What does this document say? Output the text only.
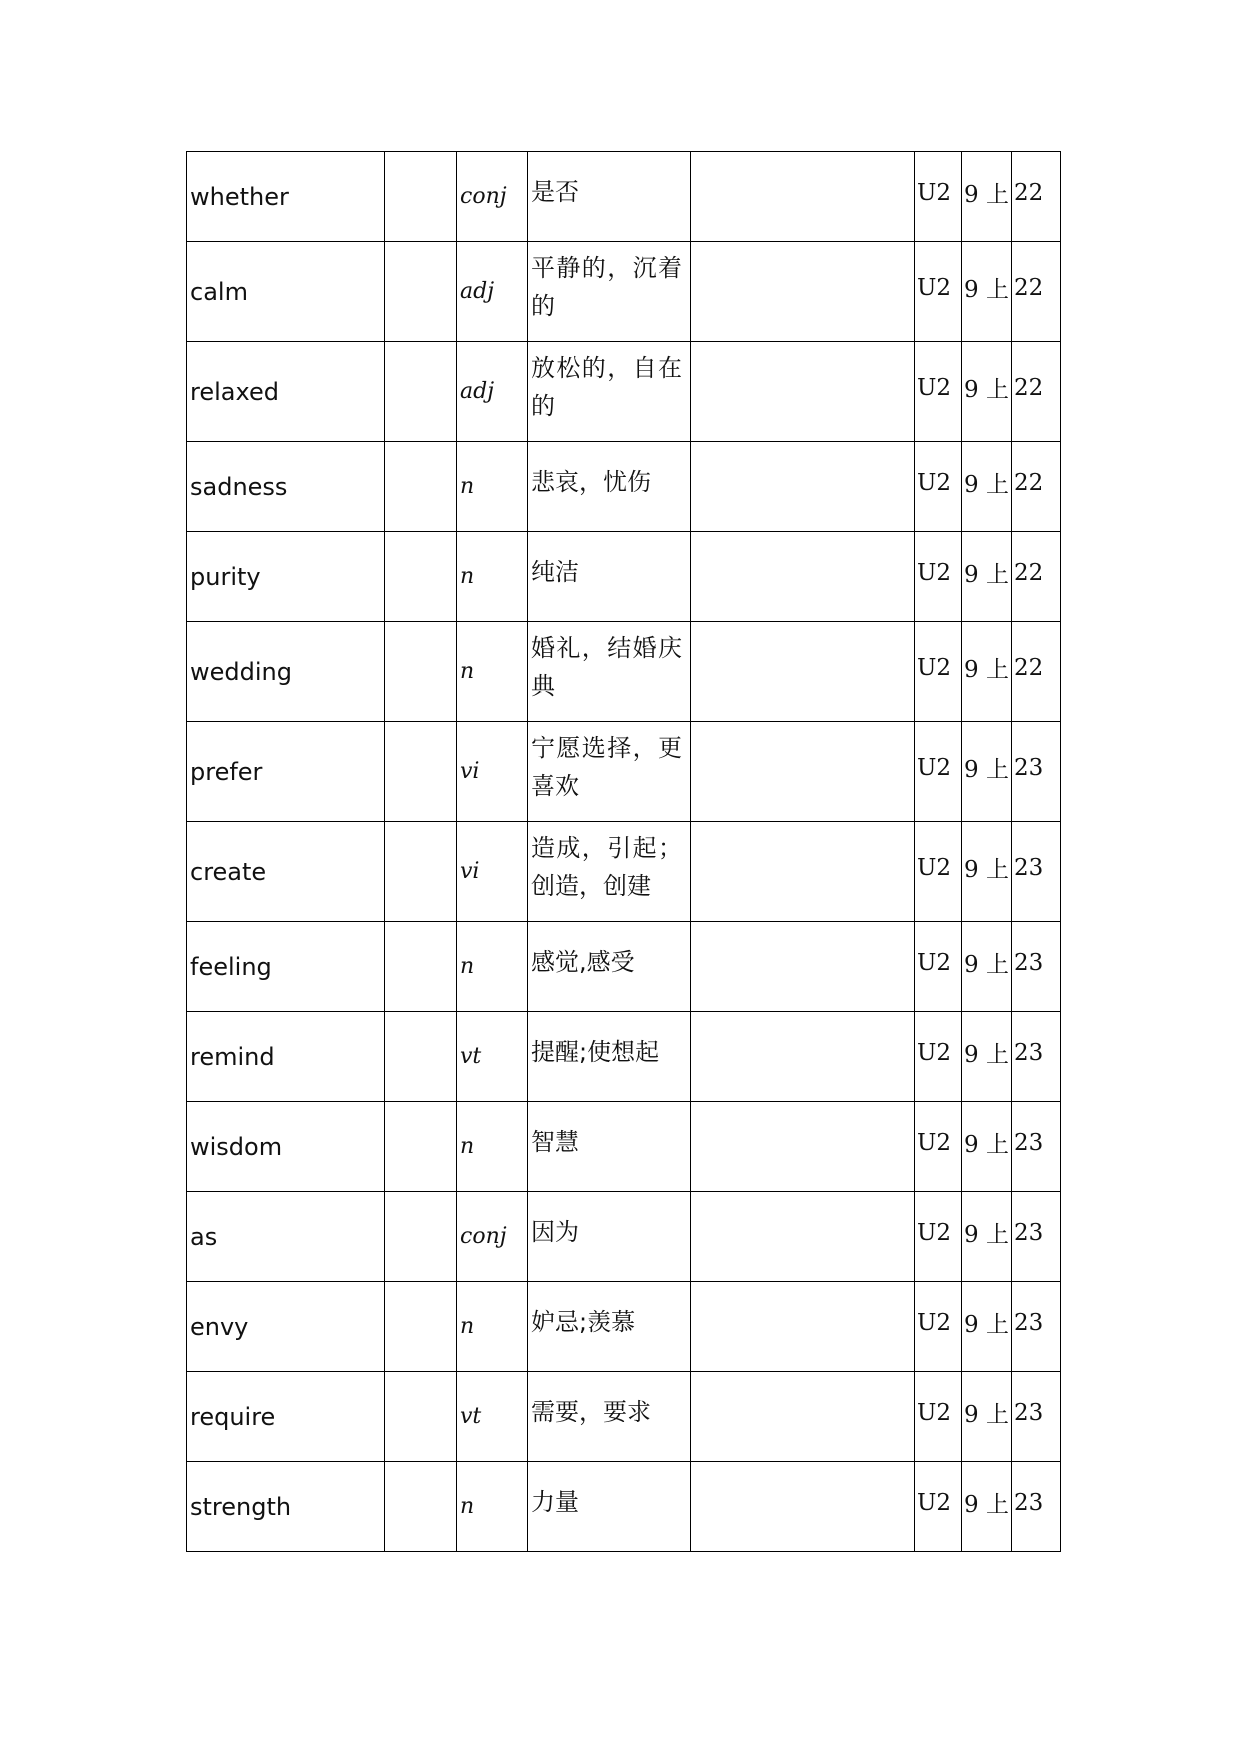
whether		conj	是否		U2	9 上	22

calm		adj	平静的，沉着的		U2	9 上	22

relaxed		adj	放松的，自在的		U2	9 上	22

sadness		n	悲哀，忧伤		U2	9 上	22

purity		n	纯洁		U2	9 上	22

wedding		n	婚礼，结婚庆典		U2	9 上	22

prefer		vi	宁愿选择，更喜欢		U2	9 上	23

create		vi	造成，引起；创造，创建		U2	9 上	23

feeling		n	感觉,感受		U2	9 上	23

remind		vt	提醒;使想起		U2	9 上	23

wisdom		n	智慧		U2	9 上	23

as		conj	因为		U2	9 上	23

envy		n	妒忌;羡慕		U2	9 上	23

require		vt	需要，要求		U2	9 上	23

strength		n	力量		U2	9 上	23
